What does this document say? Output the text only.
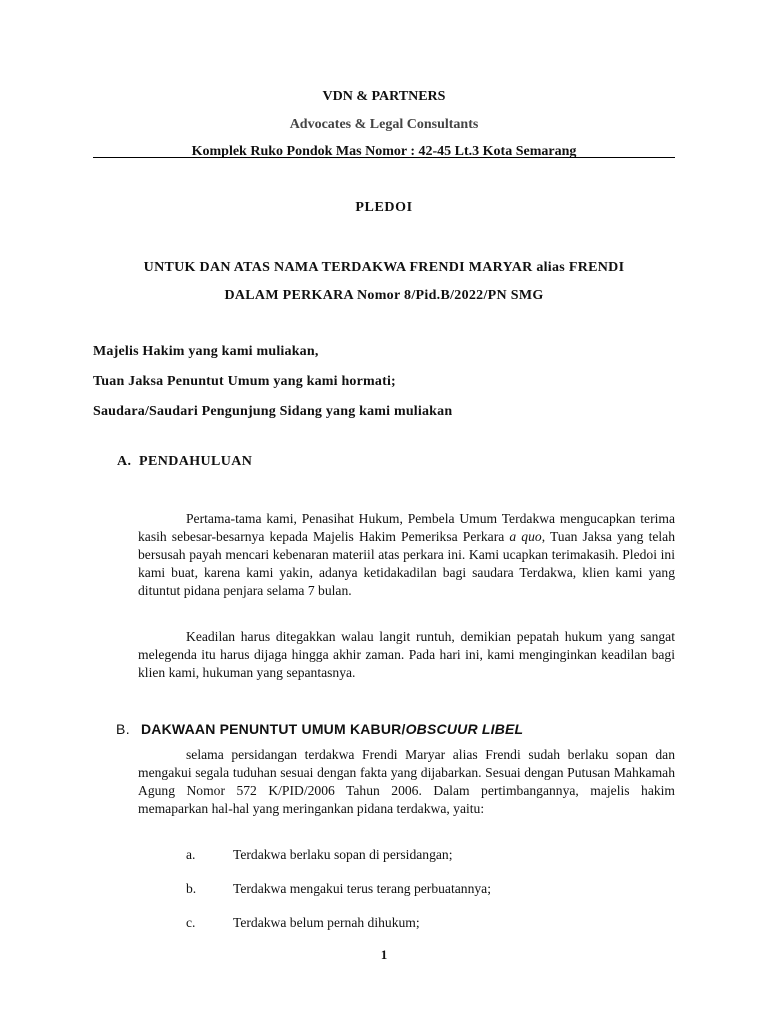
VDN & PARTNERS
Advocates & Legal Consultants
Komplek Ruko Pondok Mas Nomor : 42-45 Lt.3 Kota Semarang
PLEDOI
UNTUK DAN ATAS NAMA TERDAKWA FRENDI MARYAR alias FRENDI
DALAM PERKARA Nomor 8/Pid.B/2022/PN SMG
Majelis Hakim yang kami muliakan,
Tuan Jaksa Penuntut Umum yang kami hormati;
Saudara/Saudari Pengunjung Sidang yang kami muliakan
A. PENDAHULUAN
Pertama-tama kami, Penasihat Hukum, Pembela Umum Terdakwa mengucapkan terima kasih sebesar-besarnya kepada Majelis Hakim Pemeriksa Perkara a quo, Tuan Jaksa yang telah bersusah payah mencari kebenaran materiil atas perkara ini. Kami ucapkan terimakasih. Pledoi ini kami buat, karena kami yakin, adanya ketidakadilan bagi saudara Terdakwa, klien kami yang dituntut pidana penjara selama 7 bulan.
Keadilan harus ditegakkan walau langit runtuh, demikian pepatah hukum yang sangat melegenda itu harus dijaga hingga akhir zaman. Pada hari ini, kami menginginkan keadilan bagi klien kami, hukuman yang sepantasnya.
B. DAKWAAN PENUNTUT UMUM KABUR/OBSCUUR LIBEL
selama persidangan terdakwa Frendi Maryar alias Frendi sudah berlaku sopan dan mengakui segala tuduhan sesuai dengan fakta yang dijabarkan. Sesuai dengan Putusan Mahkamah Agung Nomor 572 K/PID/2006 Tahun 2006. Dalam pertimbangannya, majelis hakim memaparkan hal-hal yang meringankan pidana terdakwa, yaitu:
a.	Terdakwa berlaku sopan di persidangan;
b.	Terdakwa mengakui terus terang perbuatannya;
c.	Terdakwa belum pernah dihukum;
1
